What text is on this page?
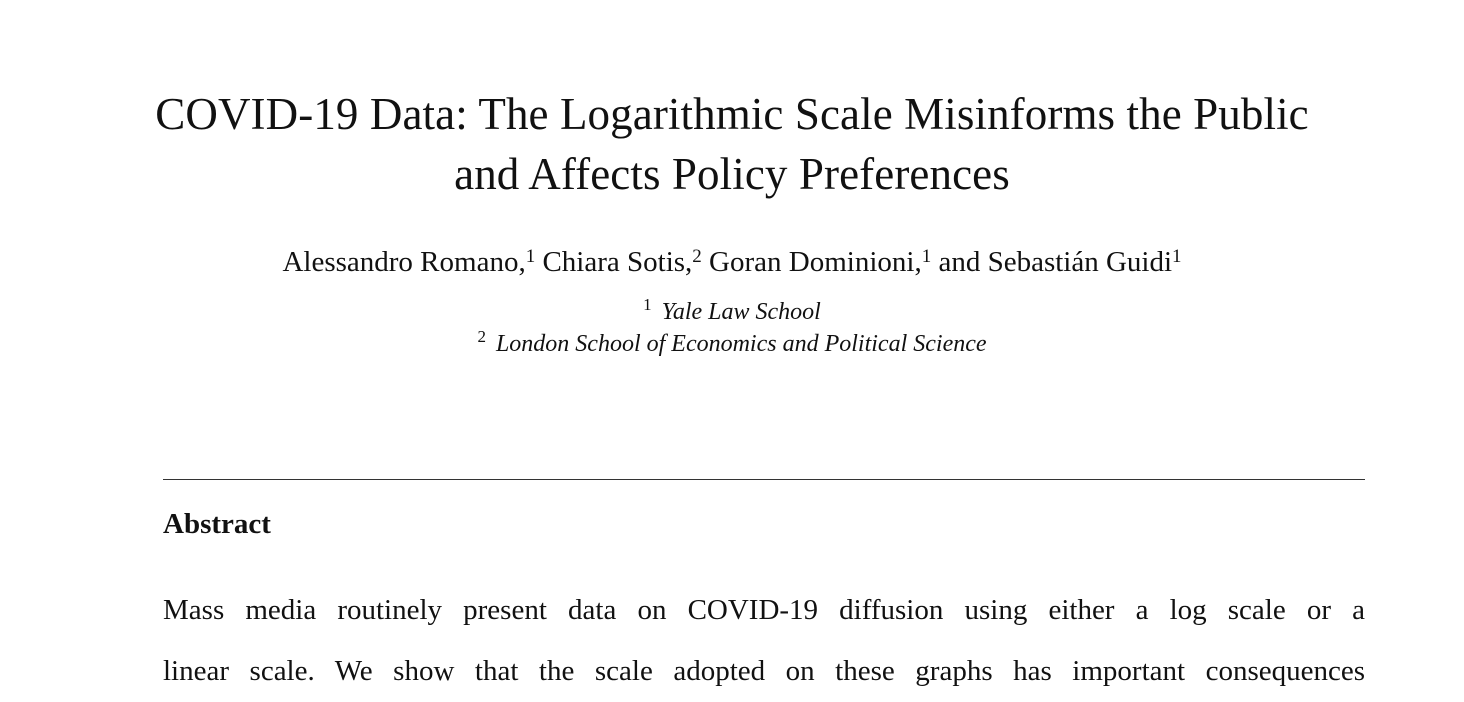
COVID-19 Data: The Logarithmic Scale Misinforms the Public
and Affects Policy Preferences
Alessandro Romano,$^1$ Chiara Sotis,$^2$ Goran Dominioni,$^1$ and Sebastián Guidi$^1$
$^1$ Yale Law School
$^2$ London School of Economics and Political Science
Abstract
Mass media routinely present data on COVID-19 diffusion using either a log scale or a
linear scale. We show that the scale adopted on these graphs has important consequences
